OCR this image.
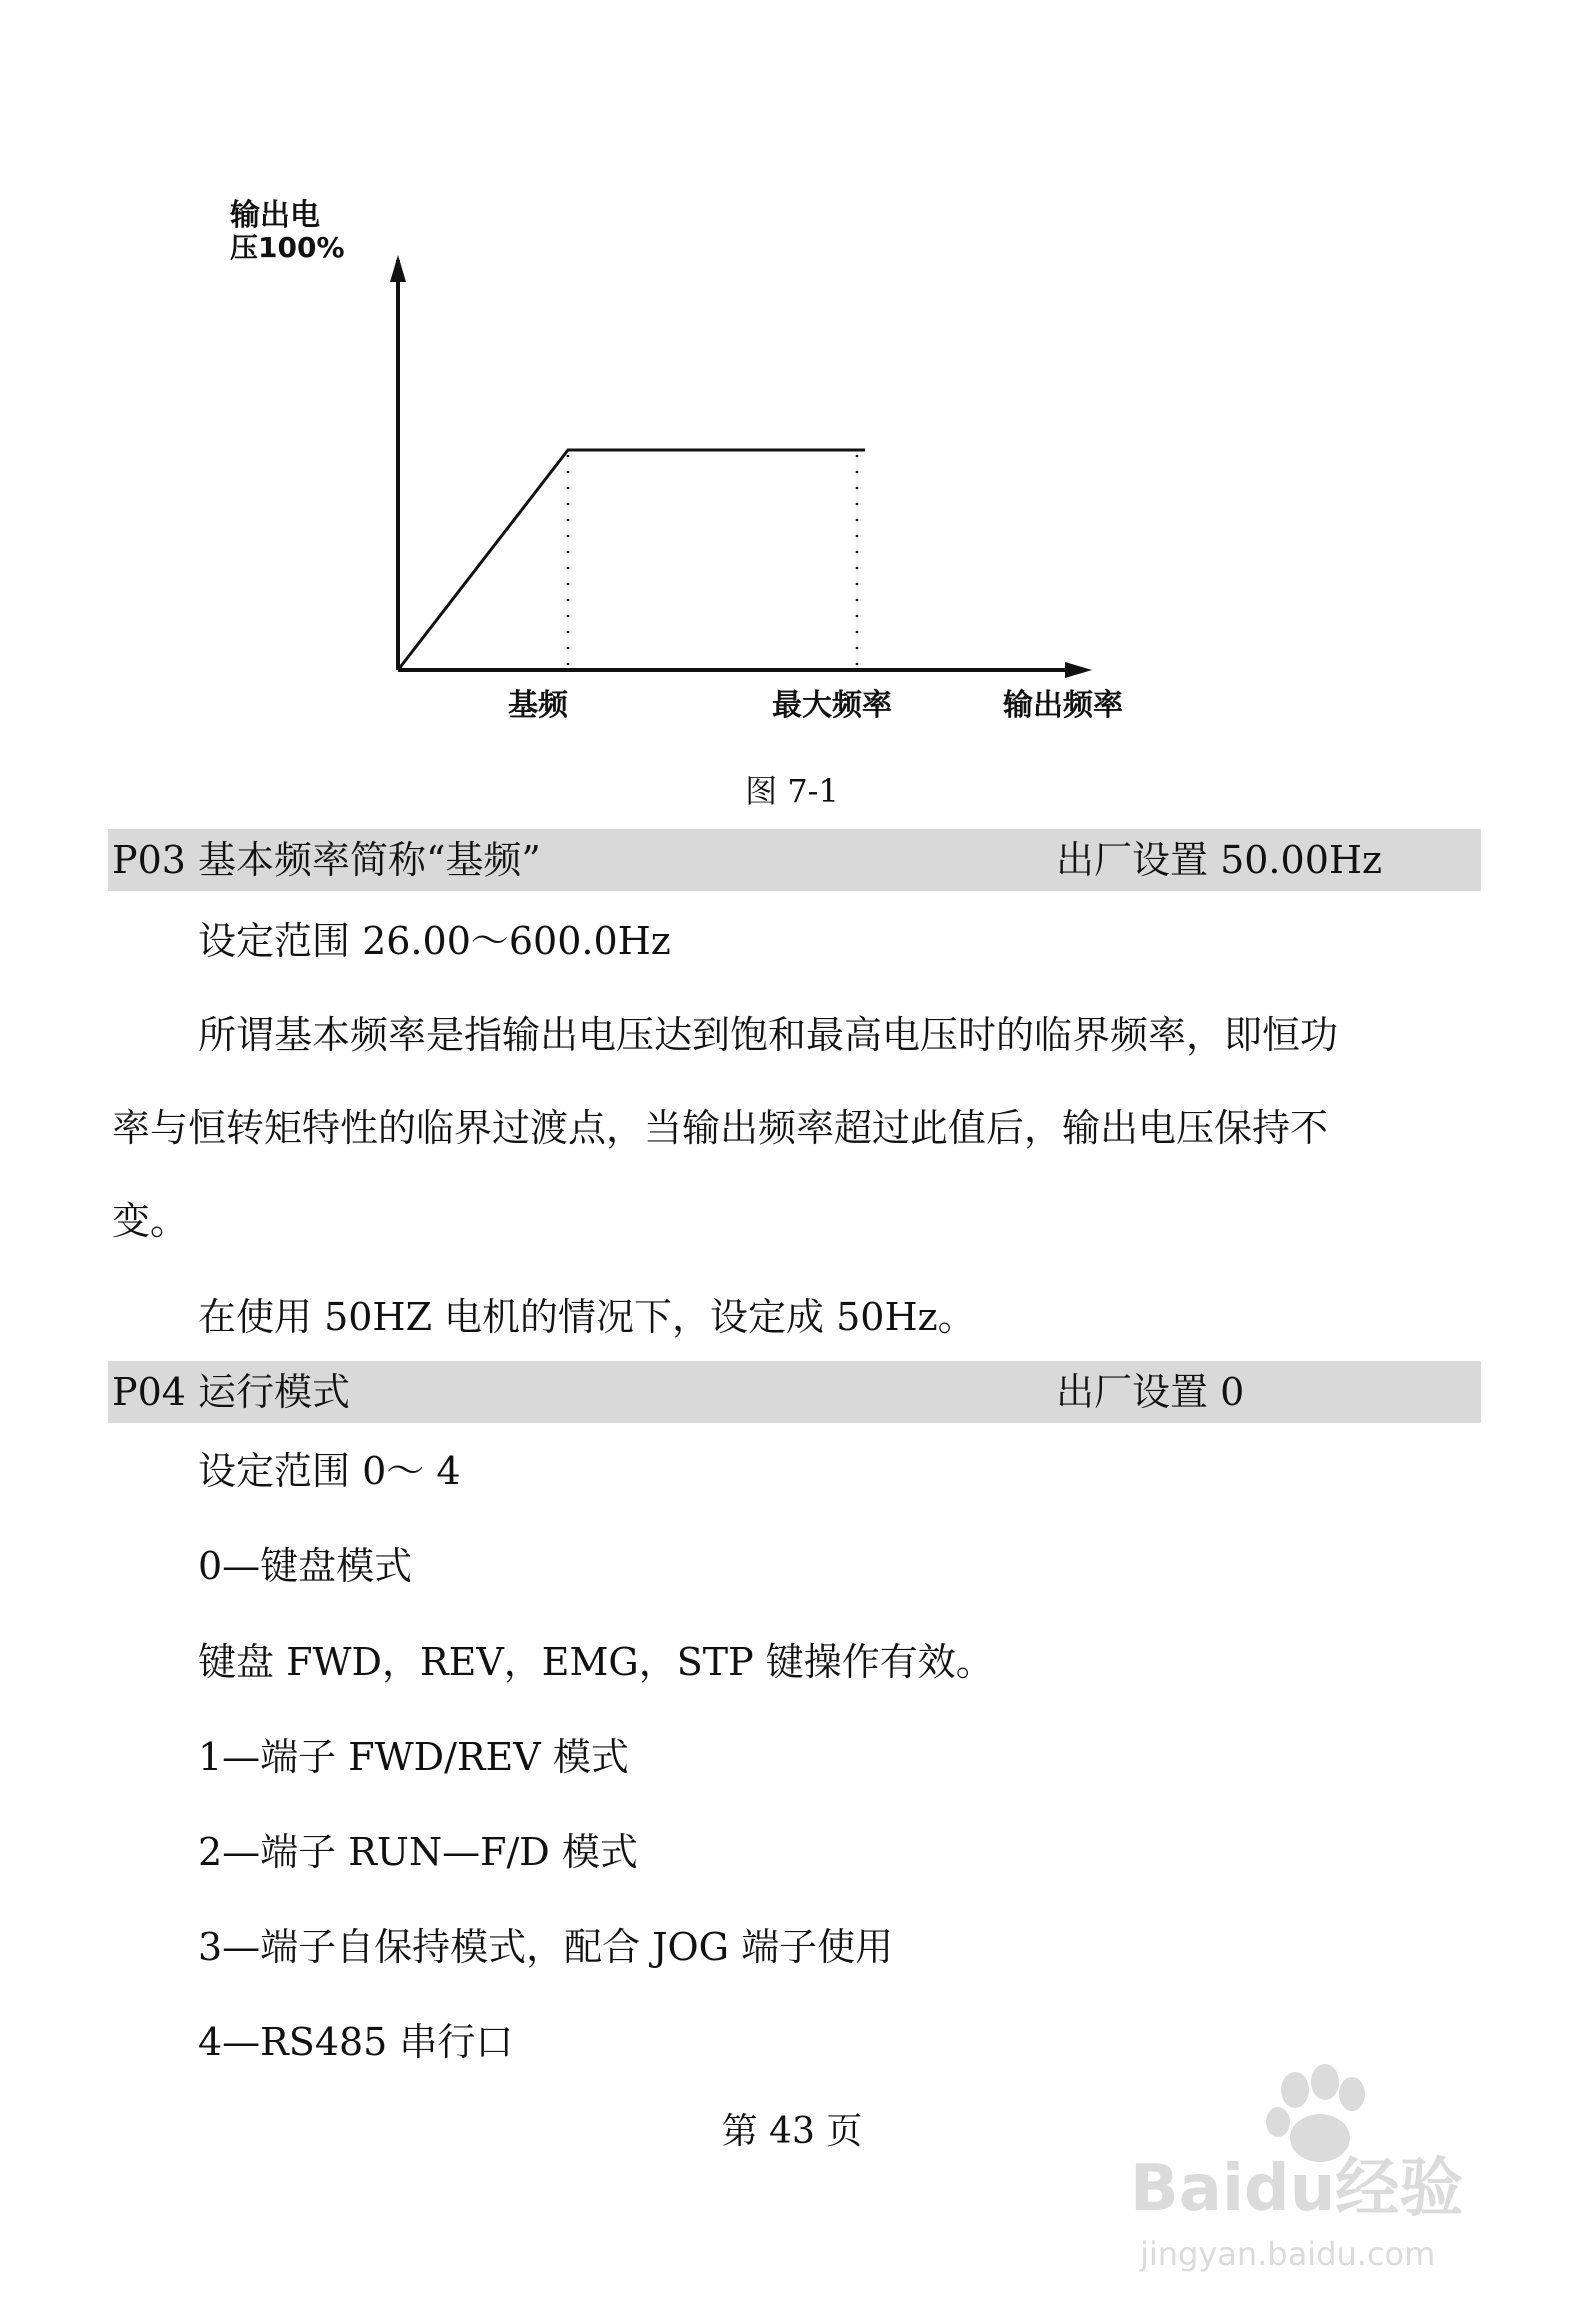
输出电
压100%
基频	最大频率	输出频率
图 7-1
P03 基本频率简称“基频”	出厂设置 50.00Hz
设定范围 26.00～600.0Hz
所谓基本频率是指输出电压达到饱和最高电压时的临界频率，即恒功
率与恒转矩特性的临界过渡点，当输出频率超过此值后，输出电压保持不
变。
在使用 50HZ 电机的情况下，设定成 50Hz。
P04 运行模式	出厂设置 0
设定范围 0～ 4
0—键盘模式
键盘 FWD，REV，EMG，STP 键操作有效。
1—端子 FWD/REV 模式
2—端子 RUN—F/D 模式
3—端子自保持模式，配合 JOG 端子使用
4—RS485 串行口
第 43 页
Baidu经验
jingyan.baidu.com
